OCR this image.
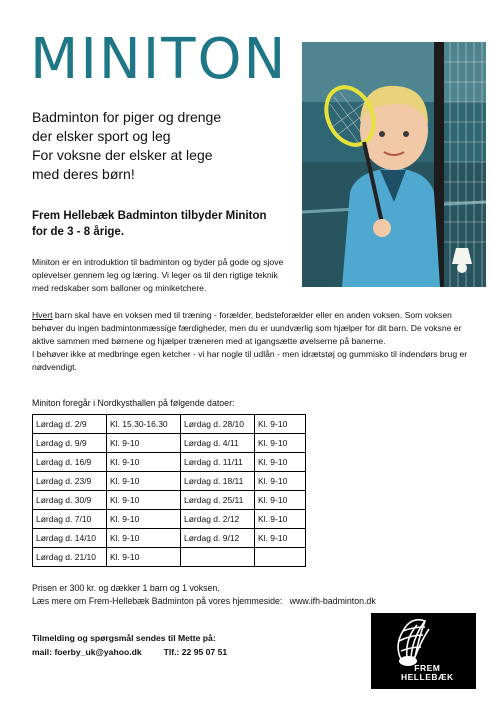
MINITON
Badminton for piger og drenge
der elsker sport og leg
For voksne der elsker at lege
med deres børn!
Frem Hellebæk Badminton tilbyder Miniton
for de 3 - 8 årige.
Miniton er en introduktion til badminton og byder på gode og sjove oplevelser gennem leg og læring. Vi leger os til den rigtige teknik med redskaber som balloner og miniketchere.
Hvert barn skal have en voksen med til træning - forælder, bedsteforælder eller en anden voksen. Som voksen behøver du ingen badmintonmæssige færdigheder, men du er uundværlig som hjælper for dit barn. De voksne er aktive sammen med børnene og hjælper træneren med at igangsætte øvelserne på banerne.
I behøver ikke at medbringe egen ketcher - vi har nogle til udlån - men idrætstøj og gummisko til indendørs brug er nødvendigt.
Miniton foregår i Nordkysthallen på følgende datoer:
Lørdag d. 2/9	Kl. 15.30-16.30	Lørdag d. 28/10	Kl. 9-10
Lørdag d. 9/9	Kl. 9-10	Lørdag d. 4/11	Kl. 9-10
Lørdag d. 16/9	Kl. 9-10	Lørdag d. 11/11	Kl. 9-10
Lørdag d. 23/9	Kl. 9-10	Lørdag d. 18/11	Kl. 9-10
Lørdag d. 30/9	Kl. 9-10	Lørdag d. 25/11	Kl. 9-10
Lørdag d. 7/10	Kl. 9-10	Lørdag d. 2/12	Kl. 9-10
Lørdag d. 14/10	Kl. 9-10	Lørdag d. 9/12	Kl. 9-10
Lørdag d. 21/10	Kl. 9-10		
Prisen er 300 kr. og dækker 1 barn og 1 voksen.
Læs mere om Frem-Hellebæk Badminton på vores hjemmeside: www.ifh-badminton.dk
Tilmelding og spørgsmål sendes til Mette på:
mail: foerby_uk@yahoo.dk	Tlf.: 22 95 07 51
FREM
HELLEBÆK
